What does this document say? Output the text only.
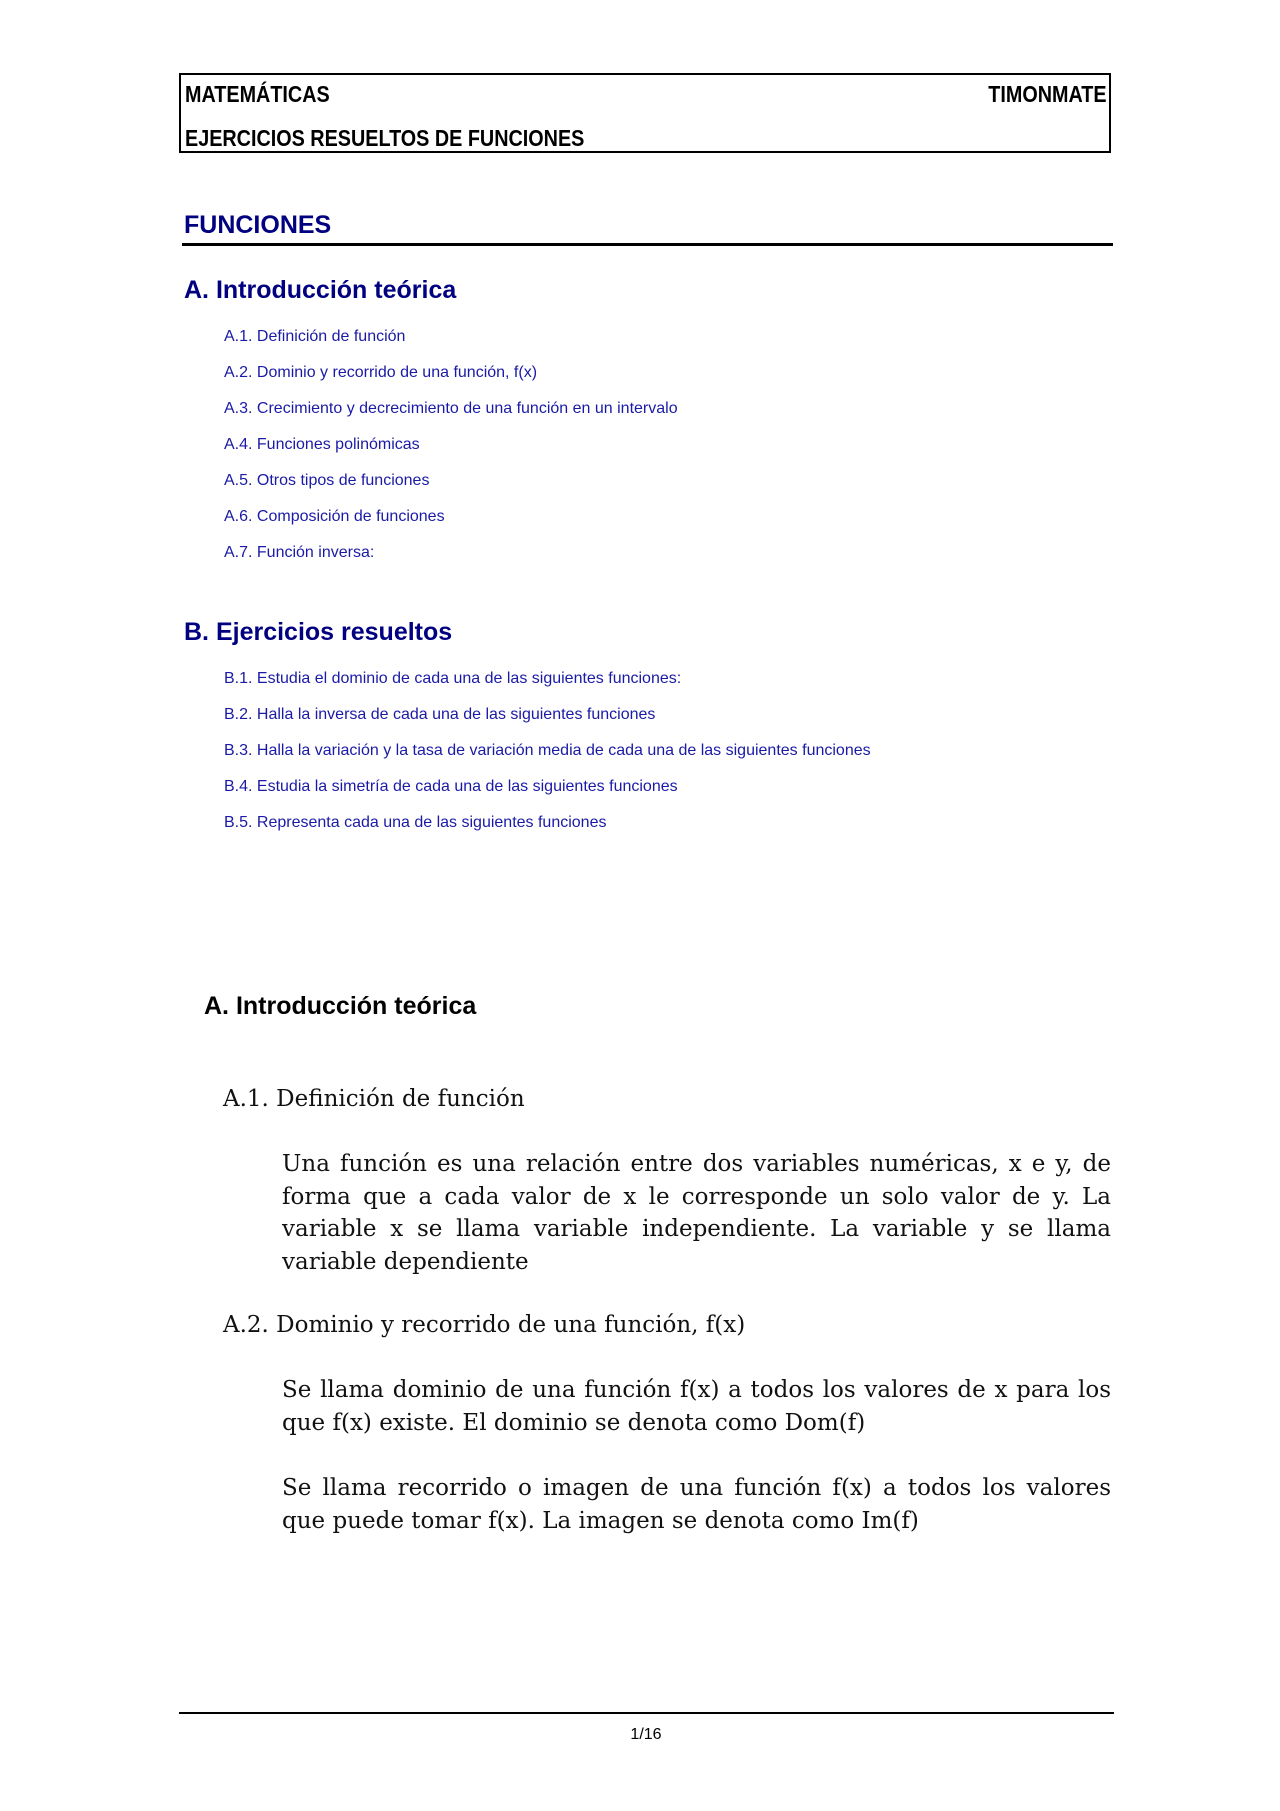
MATEMÁTICAS	TIMONMATE
EJERCICIOS RESUELTOS DE FUNCIONES
FUNCIONES
A. Introducción teórica
A.1. Definición de función
A.2. Dominio y recorrido de una función, f(x)
A.3. Crecimiento y decrecimiento de una función en un intervalo
A.4. Funciones polinómicas
A.5. Otros tipos de funciones
A.6. Composición de funciones
A.7. Función inversa:
B. Ejercicios resueltos
B.1. Estudia el dominio de cada una de las siguientes funciones:
B.2. Halla la inversa de cada una de las siguientes funciones
B.3. Halla la variación y la tasa de variación media de cada una de las siguientes funciones
B.4. Estudia la simetría de cada una de las siguientes funciones
B.5. Representa cada una de las siguientes funciones
A. Introducción teórica
A.1. Definición de función
Una función es una relación entre dos variables numéricas, x e y, de forma que a cada valor de x le corresponde un solo valor de y. La variable x se llama variable independiente. La variable y se llama variable dependiente
A.2. Dominio y recorrido de una función, f(x)
Se llama dominio de una función f(x) a todos los valores de x para los que f(x) existe. El dominio se denota como Dom(f)
Se llama recorrido o imagen de una función f(x) a todos los valores que puede tomar f(x). La imagen se denota como Im(f)
1/16
